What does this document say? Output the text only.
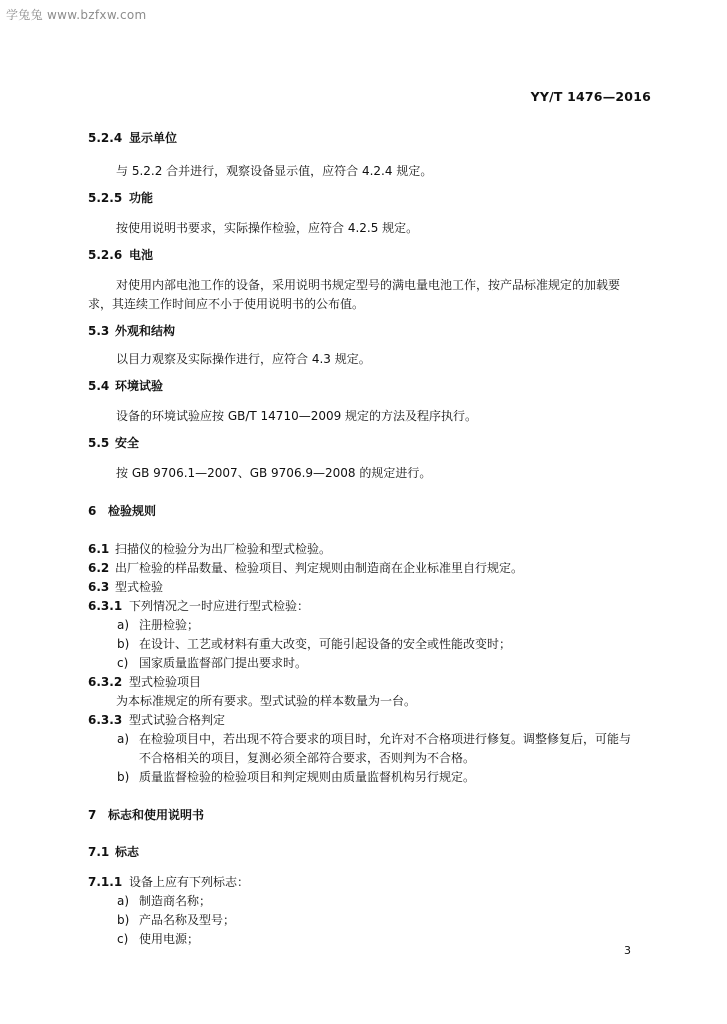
学兔兔 www.bzfxw.com
YY/T 1476—2016
5.2.4 显示单位
与 5.2.2 合并进行，观察设备显示值，应符合 4.2.4 规定。
5.2.5 功能
按使用说明书要求，实际操作检验，应符合 4.2.5 规定。
5.2.6 电池
对使用内部电池工作的设备，采用说明书规定型号的满电量电池工作，按产品标准规定的加载要
求，其连续工作时间应不小于使用说明书的公布值。
5.3 外观和结构
以目力观察及实际操作进行，应符合 4.3 规定。
5.4 环境试验
设备的环境试验应按 GB/T 14710—2009 规定的方法及程序执行。
5.5 安全
按 GB 9706.1—2007、GB 9706.9—2008 的规定进行。
6 检验规则
6.1 扫描仪的检验分为出厂检验和型式检验。
6.2 出厂检验的样品数量、检验项目、判定规则由制造商在企业标准里自行规定。
6.3 型式检验
6.3.1 下列情况之一时应进行型式检验：
a) 注册检验；
b) 在设计、工艺或材料有重大改变，可能引起设备的安全或性能改变时；
c) 国家质量监督部门提出要求时。
6.3.2 型式检验项目
为本标准规定的所有要求。型式试验的样本数量为一台。
6.3.3 型式试验合格判定
a) 在检验项目中，若出现不符合要求的项目时，允许对不合格项进行修复。调整修复后，可能与
不合格相关的项目，复测必须全部符合要求，否则判为不合格。
b) 质量监督检验的检验项目和判定规则由质量监督机构另行规定。
7 标志和使用说明书
7.1 标志
7.1.1 设备上应有下列标志：
a) 制造商名称；
b) 产品名称及型号；
c) 使用电源；
3
